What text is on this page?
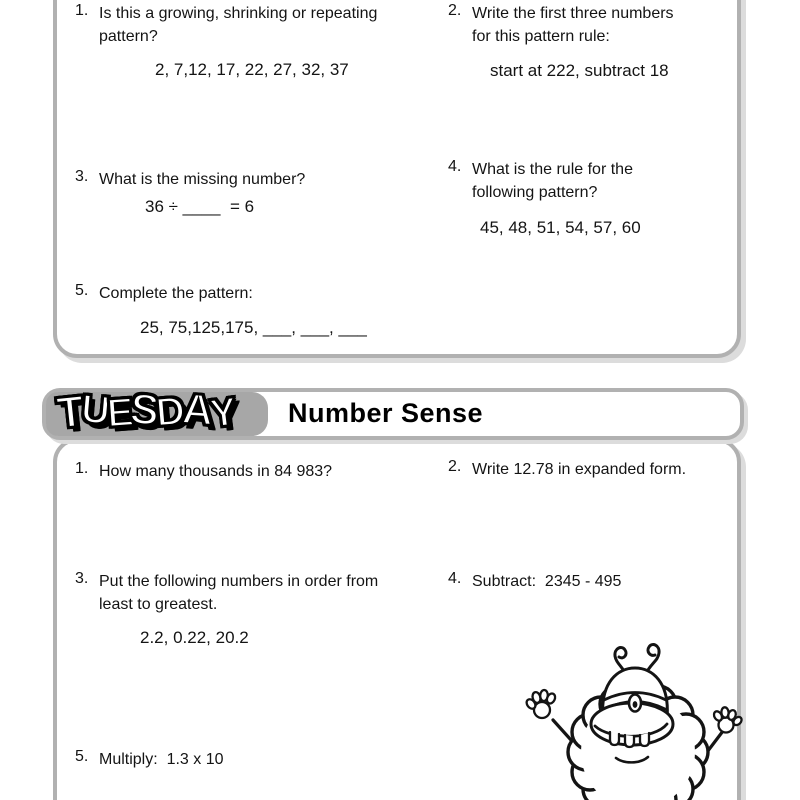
1. Is this a growing, shrinking or repeating
pattern?
2, 7,12, 17, 22, 27, 32, 37
2. Write the first three numbers
for this pattern rule:
start at 222, subtract 18
3. What is the missing number?
36 ÷ ____  = 6
4. What is the rule for the
following pattern?
45, 48, 51, 54, 57, 60
5. Complete the pattern:
25, 75,125,175, ___, ___, ___
T
U
E
S
D
A
Y Number Sense
1. How many thousands in 84 983?	2. Write 12.78 in expanded form.
3. Put the following numbers in order from
least to greatest.
2.2, 0.22, 20.2
4. Subtract:  2345 - 495
5. Multiply:  1.3 x 10
